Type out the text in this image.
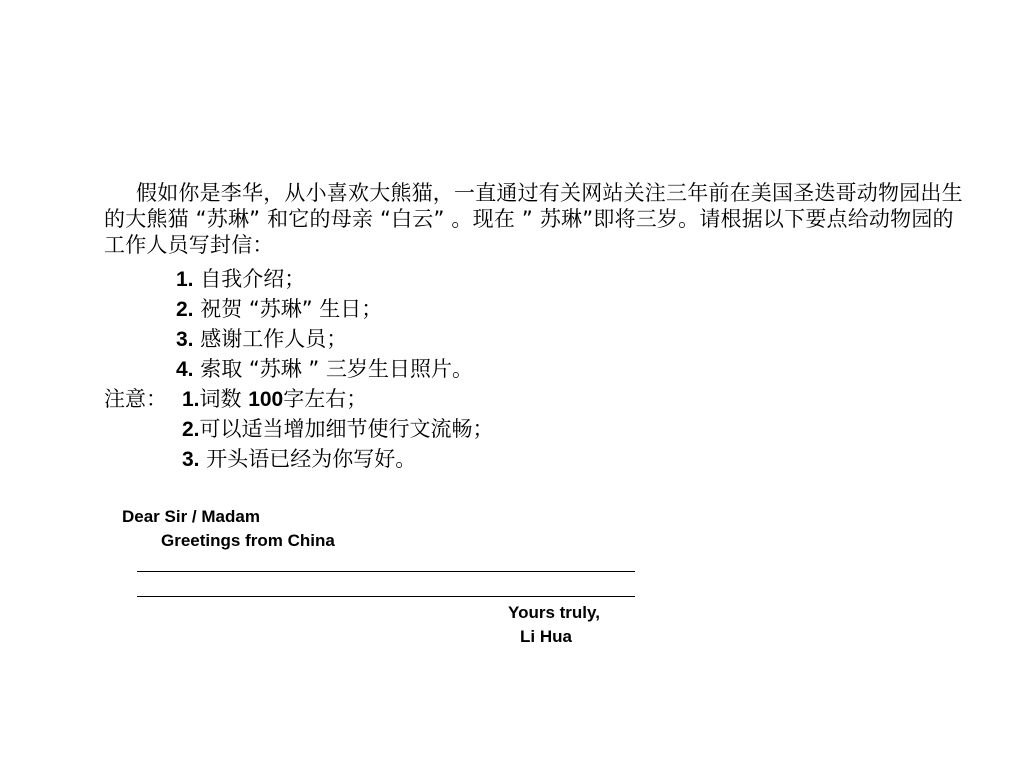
假如你是李华，从小喜欢大熊猫，一直通过有关网站关注三年前在美国圣迭哥动物园出生的大熊猫 “苏琳” 和它的母亲 “白云” 。现在 ” 苏琳”即将三岁。请根据以下要点给动物园的工作人员写封信：
1. 自我介绍；
2. 祝贺 “苏琳” 生日；
3. 感谢工作人员；
4. 索取 “苏琳 ” 三岁生日照片。
注意： 1.词数 100字左右；
2.可以适当增加细节使行文流畅；
3. 开头语已经为你写好。
Dear Sir / Madam
Greetings from China
Yours truly,
Li Hua
